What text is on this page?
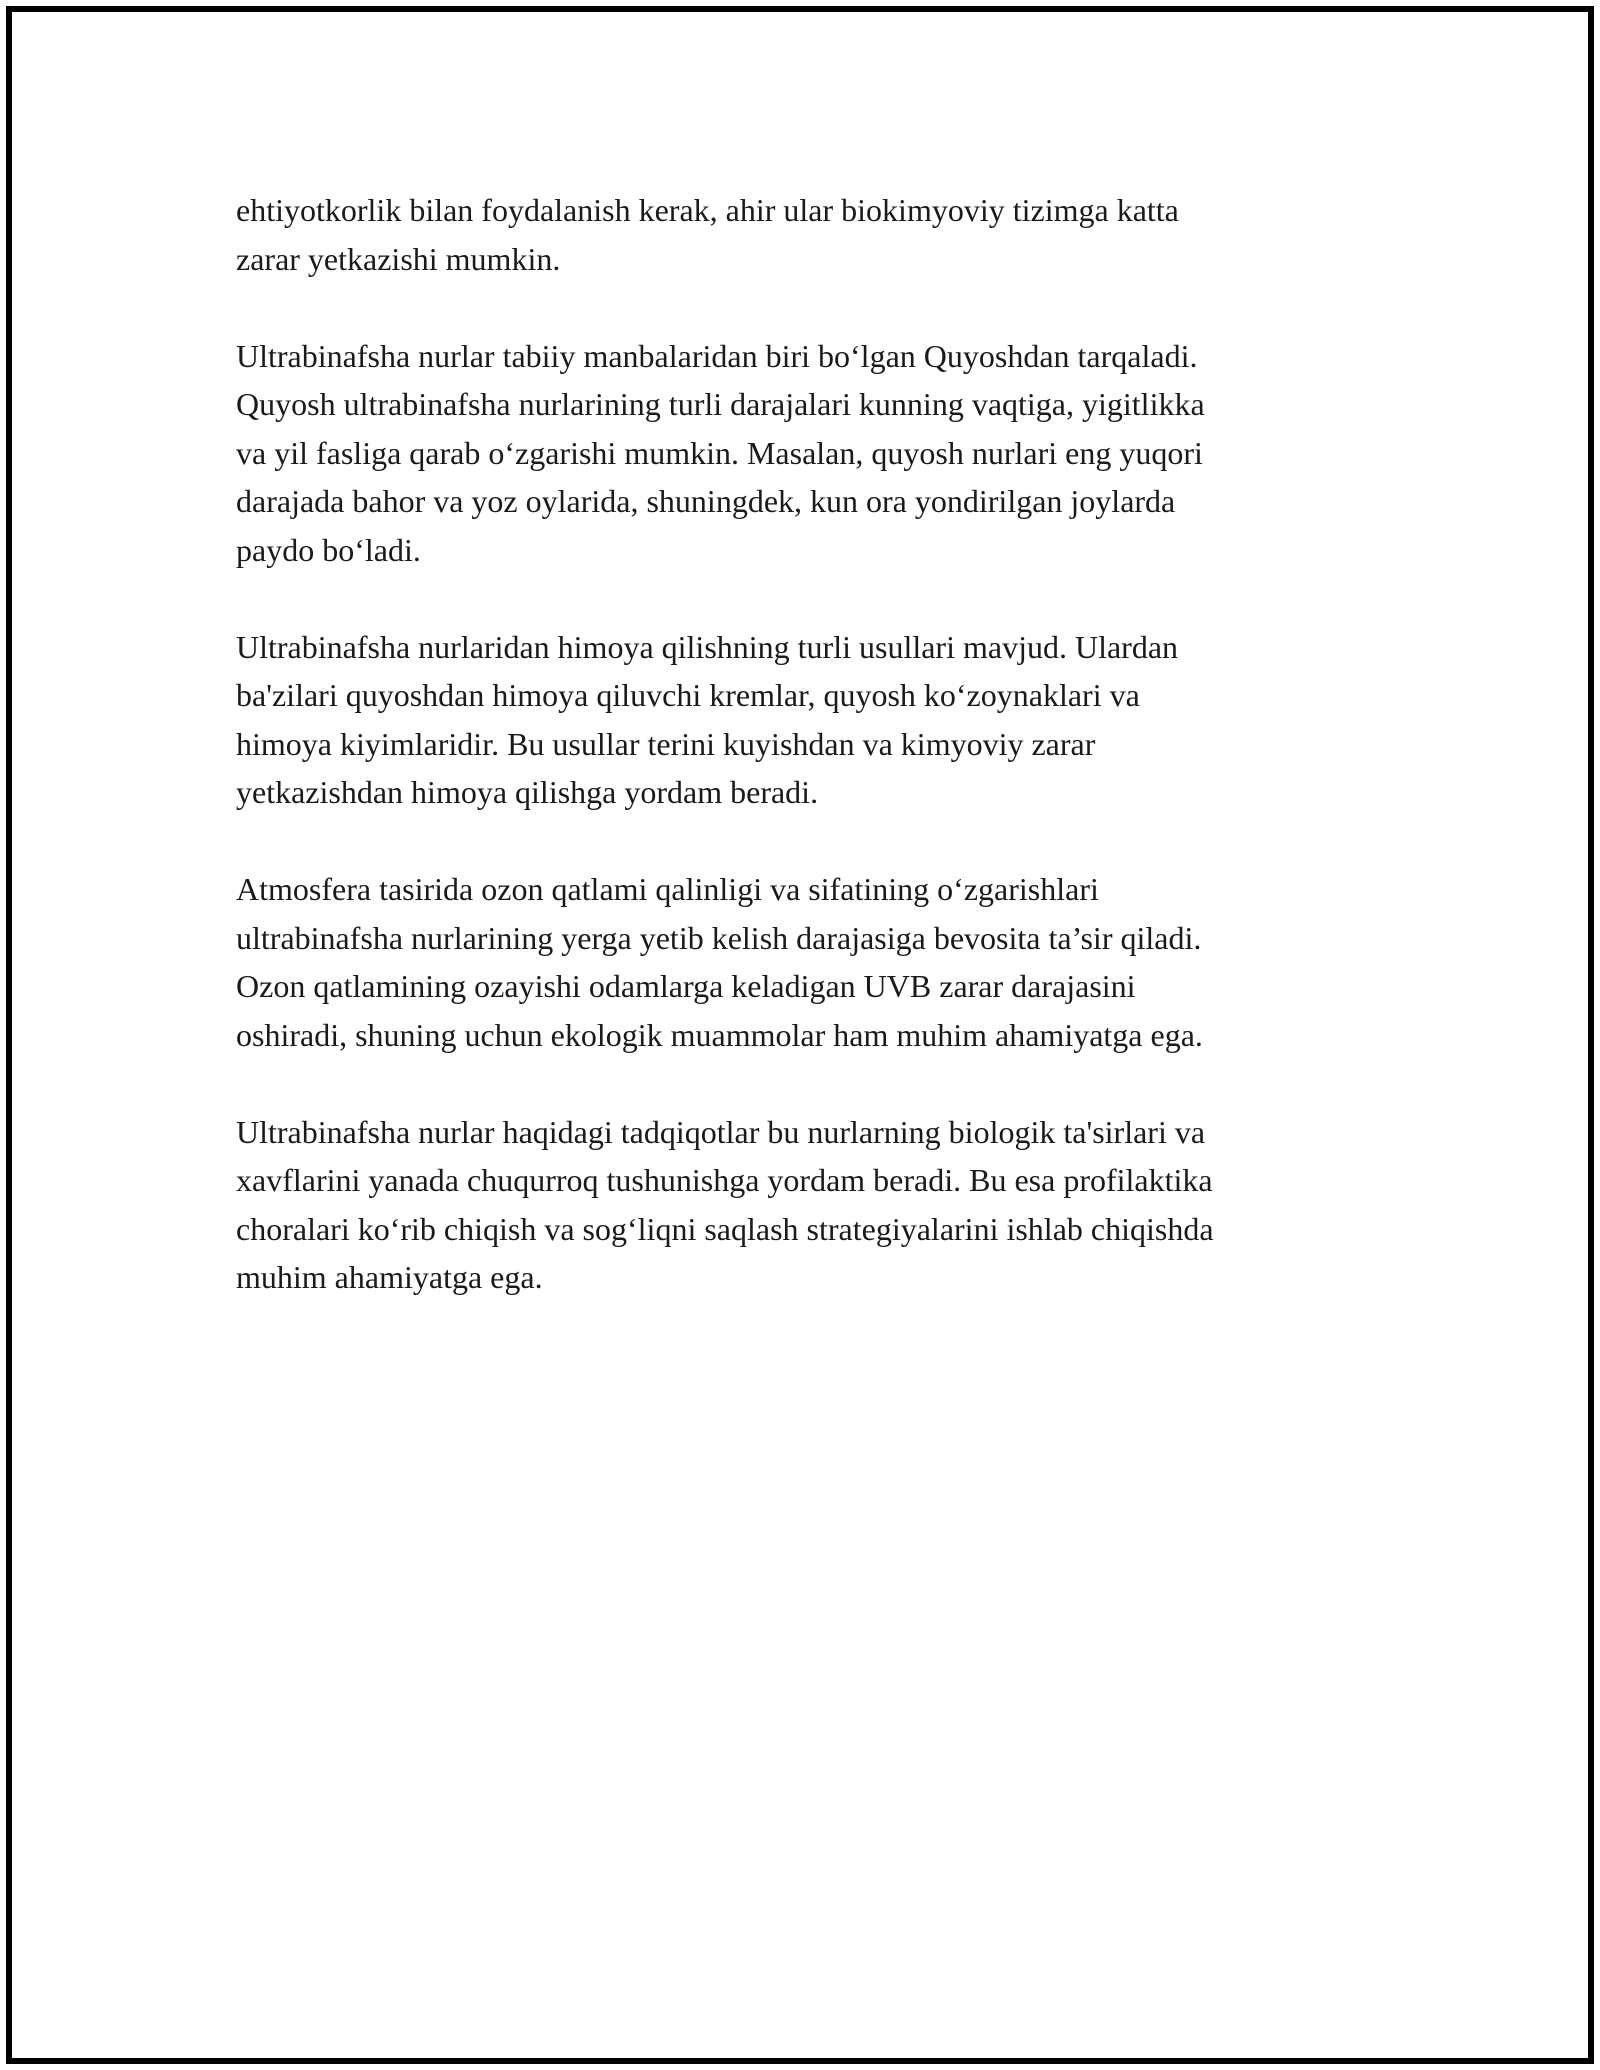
ehtiyotkorlik bilan foydalanish kerak, ahir ular biokimyoviy tizimga katta
zarar yetkazishi mumkin.

Ultrabinafsha nurlar tabiiy manbalaridan biri bo‘lgan Quyoshdan tarqaladi.
Quyosh ultrabinafsha nurlarining turli darajalari kunning vaqtiga, yigitlikka
va yil fasliga qarab o‘zgarishi mumkin. Masalan, quyosh nurlari eng yuqori
darajada bahor va yoz oylarida, shuningdek, kun ora yondirilgan joylarda
paydo bo‘ladi.

Ultrabinafsha nurlaridan himoya qilishning turli usullari mavjud. Ulardan
ba'zilari quyoshdan himoya qiluvchi kremlar, quyosh ko‘zoynaklari va
himoya kiyimlaridir. Bu usullar terini kuyishdan va kimyoviy zarar
yetkazishdan himoya qilishga yordam beradi.

Atmosfera tasirida ozon qatlami qalinligi va sifatining o‘zgarishlari
ultrabinafsha nurlarining yerga yetib kelish darajasiga bevosita ta’sir qiladi.
Ozon qatlamining ozayishi odamlarga keladigan UVB zarar darajasini
oshiradi, shuning uchun ekologik muammolar ham muhim ahamiyatga ega.

Ultrabinafsha nurlar haqidagi tadqiqotlar bu nurlarning biologik ta'sirlari va
xavflarini yanada chuqurroq tushunishga yordam beradi. Bu esa profilaktika
choralari ko‘rib chiqish va sog‘liqni saqlash strategiyalarini ishlab chiqishda
muhim ahamiyatga ega.
